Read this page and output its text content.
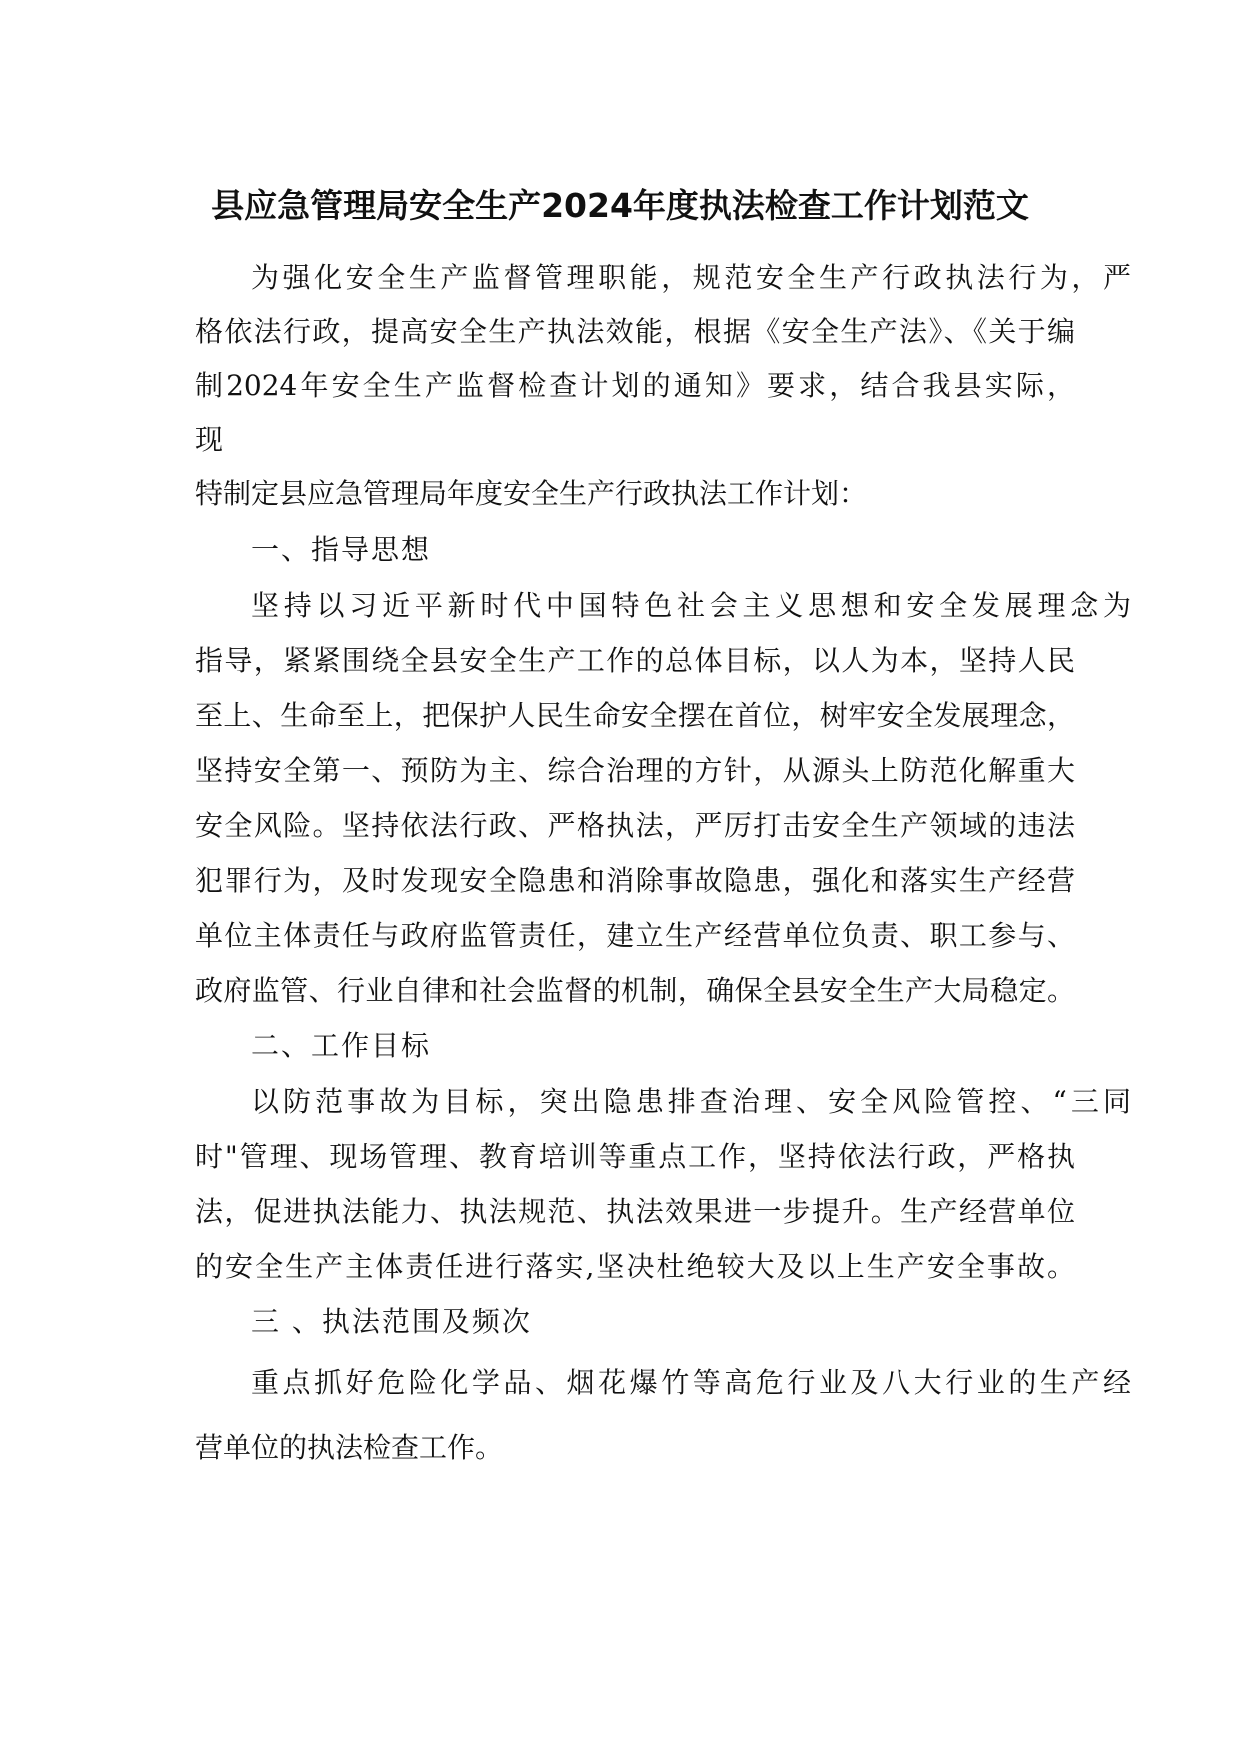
县应急管理局安全生产2024年度执法检查工作计划范文
为强化安全生产监督管理职能，规范安全生产行政执法行为，严
格依法行政，提高安全生产执法效能，根据《安全生产法》、《关于编
制2024年安全生产监督检查计划的通知》要求，结合我县实际，
现
特制定县应急管理局年度安全生产行政执法工作计划：
一、指导思想
坚持以习近平新时代中国特色社会主义思想和安全发展理念为
指导，紧紧围绕全县安全生产工作的总体目标，以人为本，坚持人民
至上、生命至上，把保护人民生命安全摆在首位，树牢安全发展理念，
坚持安全第一、预防为主、综合治理的方针，从源头上防范化解重大
安全风险。坚持依法行政、严格执法，严厉打击安全生产领域的违法
犯罪行为，及时发现安全隐患和消除事故隐患，强化和落实生产经营
单位主体责任与政府监管责任，建立生产经营单位负责、职工参与、
政府监管、行业自律和社会监督的机制，确保全县安全生产大局稳定。
二、工作目标
以防范事故为目标，突出隐患排查治理、安全风险管控、“三同
时"管理、现场管理、教育培训等重点工作，坚持依法行政，严格执
法，促进执法能力、执法规范、执法效果进一步提升。生产经营单位
的安全生产主体责任进行落实,坚决杜绝较大及以上生产安全事故。
三 、执法范围及频次
重点抓好危险化学品、烟花爆竹等高危行业及八大行业的生产经
营单位的执法检查工作。
